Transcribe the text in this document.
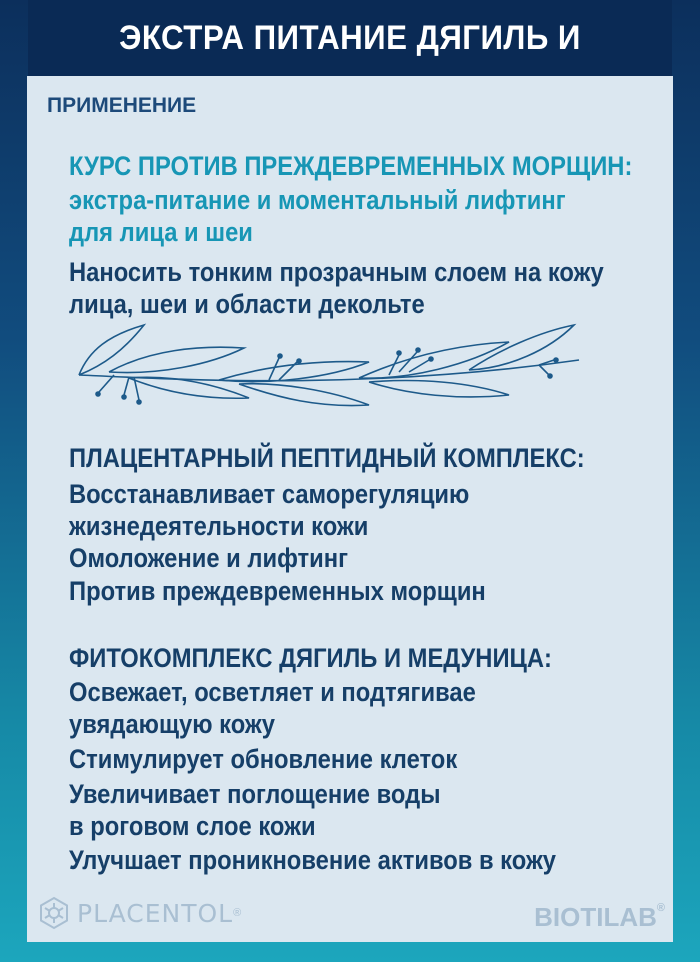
ЭКСТРА ПИТАНИЕ ДЯГИЛЬ И
ПРИМЕНЕНИЕ
КУРС ПРОТИВ ПРЕЖДЕВРЕМЕННЫХ МОРЩИН:
экстра-питание и моментальный лифтинг
для лица и шеи
Наносить тонким прозрачным слоем на кожу
лица, шеи и области декольте
ПЛАЦЕНТАРНЫЙ ПЕПТИДНЫЙ КОМПЛЕКС:
Восстанавливает саморегуляцию
жизнедеятельности кожи
Омоложение и лифтинг
Против преждевременных морщин
ФИТОКОМПЛЕКС ДЯГИЛЬ И МЕДУНИЦА:
Освежает, осветляет и подтягивае
увядающую кожу
Стимулирует обновление клеток
Увеличивает поглощение воды
в роговом слое кожи
Улучшает проникновение активов в кожу
PLACENTOL ®	BIOTILAB®
